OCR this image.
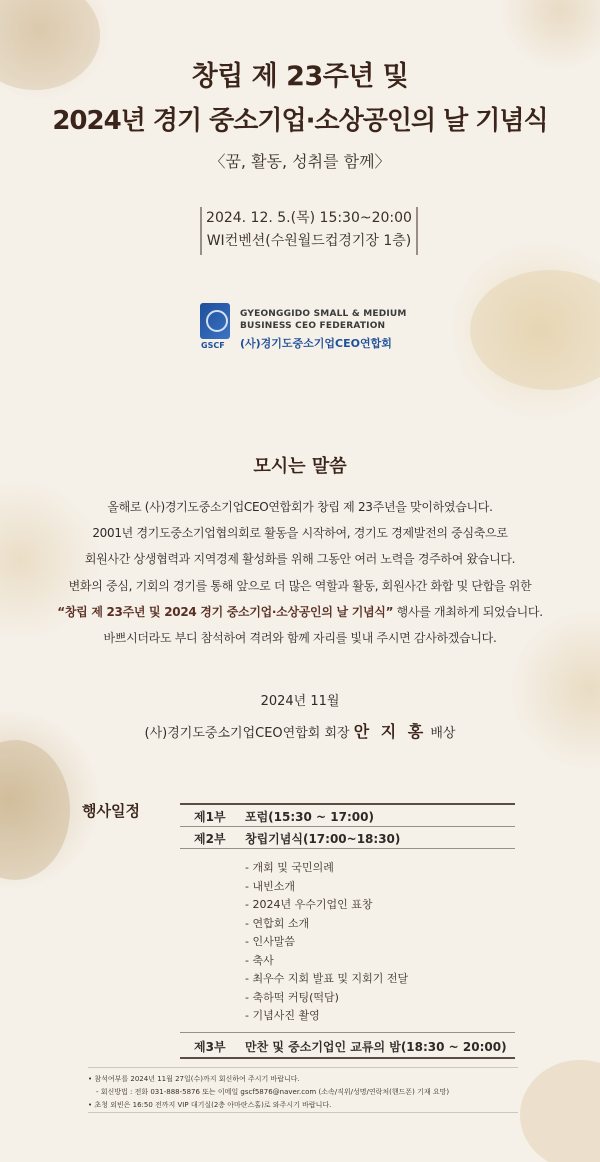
창립 제 23주년 및
2024년 경기 중소기업·소상공인의 날 기념식
〈꿈, 활동, 성취를 함께〉
2024. 12. 5.(목) 15:30~20:00
WI컨벤션(수원월드컵경기장 1층)
GSCF
GYEONGGIDO SMALL & MEDIUM
BUSINESS CEO FEDERATION
(사)경기도중소기업CEO연합회
모시는 말씀
올해로 (사)경기도중소기업CEO연합회가 창립 제 23주년을 맞이하였습니다.
2001년 경기도중소기업협의회로 활동을 시작하여, 경기도 경제발전의 중심축으로
회원사간 상생협력과 지역경제 활성화를 위해 그동안 여러 노력을 경주하여 왔습니다.
변화의 중심, 기회의 경기를 통해 앞으로 더 많은 역할과 활동, 회원사간 화합 및 단합을 위한
“창립 제 23주년 및 2024 경기 중소기업·소상공인의 날 기념식” 행사를 개최하게 되었습니다.
바쁘시더라도 부디 참석하여 격려와 함께 자리를 빛내 주시면 감사하겠습니다.
2024년 11월
(사)경기도중소기업CEO연합회 회장 안 지 홍 배상
행사일정	제1부 포럼(15:30 ~ 17:00)
제2부 창립기념식(17:00~18:30)
- 개회 및 국민의례
- 내빈소개
- 2024년 우수기업인 표창
- 연합회 소개
- 인사말씀
- 축사
- 최우수 지회 발표 및 지회기 전달
- 축하떡 커팅(떡담)
- 기념사진 촬영
제3부 만찬 및 중소기업인 교류의 밤(18:30 ~ 20:00)
• 참석여부를 2024년 11월 27일(수)까지 회신하여 주시기 바랍니다.
- 회신방법 : 전화 031-888-5876 또는 이메일 gscf5876@naver.com (소속/직위/성명/연락처(핸드폰) 기재 요망)
• 초청 외빈은 16:50 전까지 VIP 대기실(2층 아마란스홀)로 와주시기 바랍니다.
